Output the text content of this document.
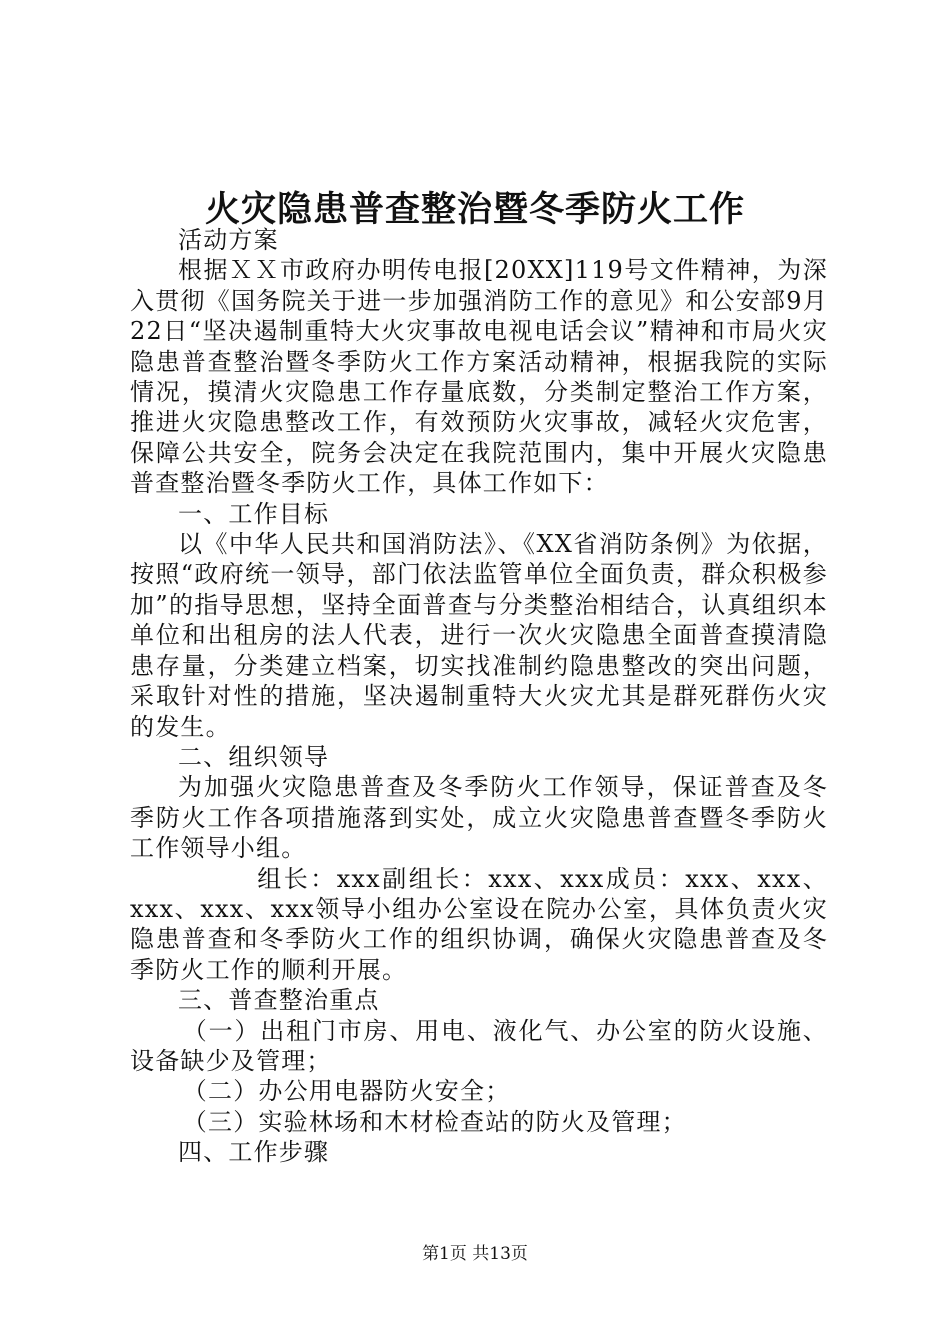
火灾隐患普查整治暨冬季防火工作

活动方案

根据ＸＸ市政府办明传电报[20XX]119号文件精神，为深入贯彻《国务院关于进一步加强消防工作的意见》和公安部9月22日“坚决遏制重特大火灾事故电视电话会议”精神和市局火灾隐患普查整治暨冬季防火工作方案活动精神，根据我院的实际情况，摸清火灾隐患工作存量底数，分类制定整治工作方案，推进火灾隐患整改工作，有效预防火灾事故，减轻火灾危害，保障公共安全，院务会决定在我院范围内，集中开展火灾隐患普查整治暨冬季防火工作，具体工作如下：

一、工作目标

以《中华人民共和国消防法》、《XX省消防条例》为依据，按照“政府统一领导，部门依法监管单位全面负责，群众积极参加”的指导思想，坚持全面普查与分类整治相结合，认真组织本单位和出租房的法人代表，进行一次火灾隐患全面普查摸清隐患存量，分类建立档案，切实找准制约隐患整改的突出问题，采取针对性的措施，坚决遏制重特大火灾尤其是群死群伤火灾的发生。

二、组织领导

为加强火灾隐患普查及冬季防火工作领导，保证普查及冬季防火工作各项措施落到实处，成立火灾隐患普查暨冬季防火工作领导小组。

组长：xxx副组长：xxx、xxx成员：xxx、xxx、xxx、xxx、xxx领导小组办公室设在院办公室，具体负责火灾隐患普查和冬季防火工作的组织协调，确保火灾隐患普查及冬季防火工作的顺利开展。

三、普查整治重点

（一）出租门市房、用电、液化气、办公室的防火设施、设备缺少及管理；

（二）办公用电器防火安全；

（三）实验林场和木材检查站的防火及管理；

四、工作步骤

第1页 共13页
